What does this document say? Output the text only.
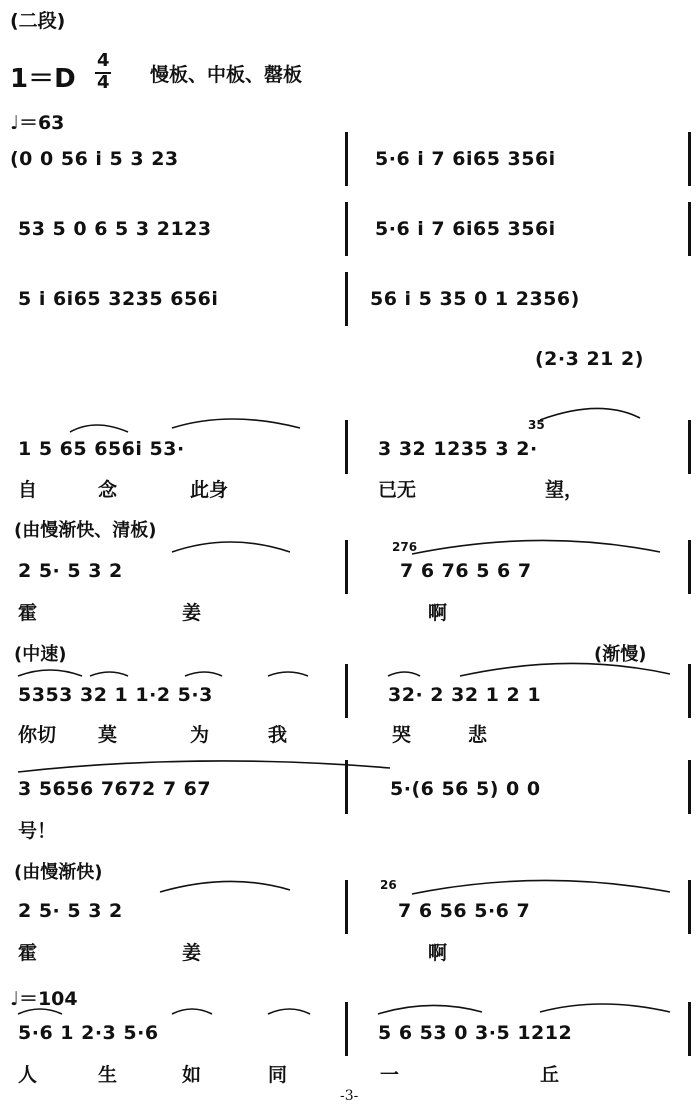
(二段)
1＝D
4
4 慢板、中板、罄板
♩＝63
(0 0 56 i 5 3 23	5·6 i 7 6i65 356i
53 5 0 6 5 3 2123	5·6 i 7 6i65 356i
5 i 6i65 3235 656i	56 i 5 35 0 1 2356)
(2·3 21 2)
1 5 65 656i 53·	3 32 1235 3 2·
35
自	念	此身	已无	望，
(由慢渐快、清板)
2 5· 5 3 2	7 6 76 5 6 7
276
霍	姜	啊
(中速)	(渐慢)
5353 32 1 1·2 5·3	32· 2 32 1 2 1
你切 莫	为	我	哭	悲
3 5656 7672 7 67	5·(6 56 5) 0 0
号！
(由慢渐快)
2 5· 5 3 2	7 6 56 5·6 7
26
霍	姜	啊
♩＝104
5·6 1 2·3 5·6	5 6 53 0 3·5 1212
人	生	如	同	一	丘
-3-
